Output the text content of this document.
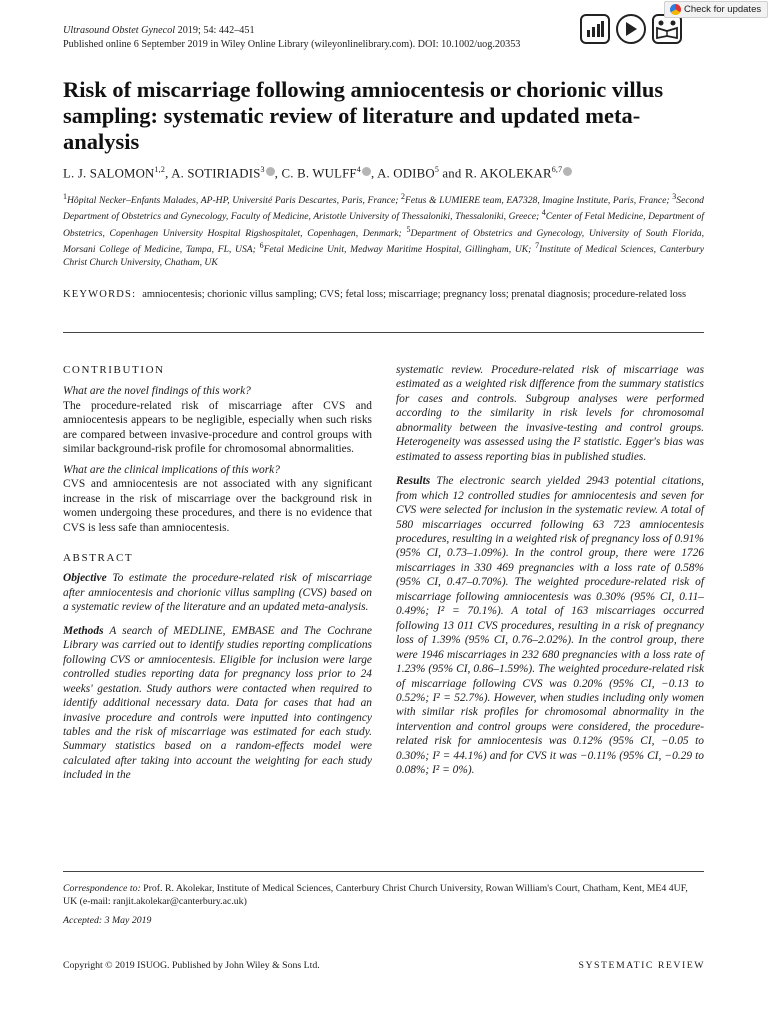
Ultrasound Obstet Gynecol 2019; 54: 442–451
Published online 6 September 2019 in Wiley Online Library (wileyonlinelibrary.com). DOI: 10.1002/uog.20353
Check for updates
Risk of miscarriage following amniocentesis or chorionic villus sampling: systematic review of literature and updated meta-analysis
L. J. SALOMON$^{1,2}$, A. SOTIRIADIS$^3$ , C. B. WULFF$^4$ , A. ODIBO$^5$ and R. AKOLEKAR$^{6,7}$
$^1$Hôpital Necker–Enfants Malades, AP-HP, Université Paris Descartes, Paris, France; $^2$Fetus & LUMIERE team, EA7328, Imagine Institute, Paris, France; $^3$Second Department of Obstetrics and Gynecology, Faculty of Medicine, Aristotle University of Thessaloniki, Thessaloniki, Greece; $^4$Center of Fetal Medicine, Department of Obstetrics, Copenhagen University Hospital Rigshospitalet, Copenhagen, Denmark; $^5$Department of Obstetrics and Gynecology, University of South Florida, Morsani College of Medicine, Tampa, FL, USA; $^6$Fetal Medicine Unit, Medway Maritime Hospital, Gillingham, UK; $^7$Institute of Medical Sciences, Canterbury Christ Church University, Chatham, UK
KEYWORDS: amniocentesis; chorionic villus sampling; CVS; fetal loss; miscarriage; pregnancy loss; prenatal diagnosis; procedure-related loss
CONTRIBUTION

What are the novel findings of this work?

The procedure-related risk of miscarriage after CVS and amniocentesis appears to be negligible, especially when such risks are compared between invasive-procedure and control groups with similar background-risk profile for chromosomal abnormalities.

What are the clinical implications of this work?

CVS and amniocentesis are not associated with any significant increase in the risk of miscarriage over the background risk in women undergoing these procedures, and there is no evidence that CVS is less safe than amniocentesis.

ABSTRACT

Objective To estimate the procedure-related risk of miscarriage after amniocentesis and chorionic villus sampling (CVS) based on a systematic review of the literature and an updated meta-analysis.

Methods A search of MEDLINE, EMBASE and The Cochrane Library was carried out to identify studies reporting complications following CVS or amniocentesis. Eligible for inclusion were large controlled studies reporting data for pregnancy loss prior to 24 weeks' gestation. Study authors were contacted when required to identify additional necessary data. Data for cases that had an invasive procedure and controls were inputted into contingency tables and the risk of miscarriage was estimated for each study. Summary statistics based on a random-effects model were calculated after taking into account the weighting for each study included in the

systematic review. Procedure-related risk of miscarriage was estimated as a weighted risk difference from the summary statistics for cases and controls. Subgroup analyses were performed according to the similarity in risk levels for chromosomal abnormality between the invasive-testing and control groups. Heterogeneity was assessed using the I² statistic. Egger's bias was estimated to assess reporting bias in published studies.

Results The electronic search yielded 2943 potential citations, from which 12 controlled studies for amniocentesis and seven for CVS were selected for inclusion in the systematic review. A total of 580 miscarriages occurred following 63 723 amniocentesis procedures, resulting in a weighted risk of pregnancy loss of 0.91% (95% CI, 0.73–1.09%). In the control group, there were 1726 miscarriages in 330 469 pregnancies with a loss rate of 0.58% (95% CI, 0.47–0.70%). The weighted procedure-related risk of miscarriage following amniocentesis was 0.30% (95% CI, 0.11–0.49%; I² = 70.1%). A total of 163 miscarriages occurred following 13 011 CVS procedures, resulting in a risk of pregnancy loss of 1.39% (95% CI, 0.76–2.02%). In the control group, there were 1946 miscarriages in 232 680 pregnancies with a loss rate of 1.23% (95% CI, 0.86–1.59%). The weighted procedure-related risk of miscarriage following CVS was 0.20% (95% CI, −0.13 to 0.52%; I² = 52.7%). However, when studies including only women with similar risk profiles for chromosomal abnormality in the intervention and control groups were considered, the procedure-related risk for amniocentesis was 0.12% (95% CI, −0.05 to 0.30%; I² = 44.1%) and for CVS it was −0.11% (95% CI, −0.29 to 0.08%; I² = 0%).

Correspondence to: Prof. R. Akolekar, Institute of Medical Sciences, Canterbury Christ Church University, Rowan William's Court, Chatham, Kent, ME4 4UF, UK (e-mail: ranjit.akolekar@canterbury.ac.uk)
Accepted: 3 May 2019
Copyright © 2019 ISUOG. Published by John Wiley & Sons Ltd.	SYSTEMATIC REVIEW
